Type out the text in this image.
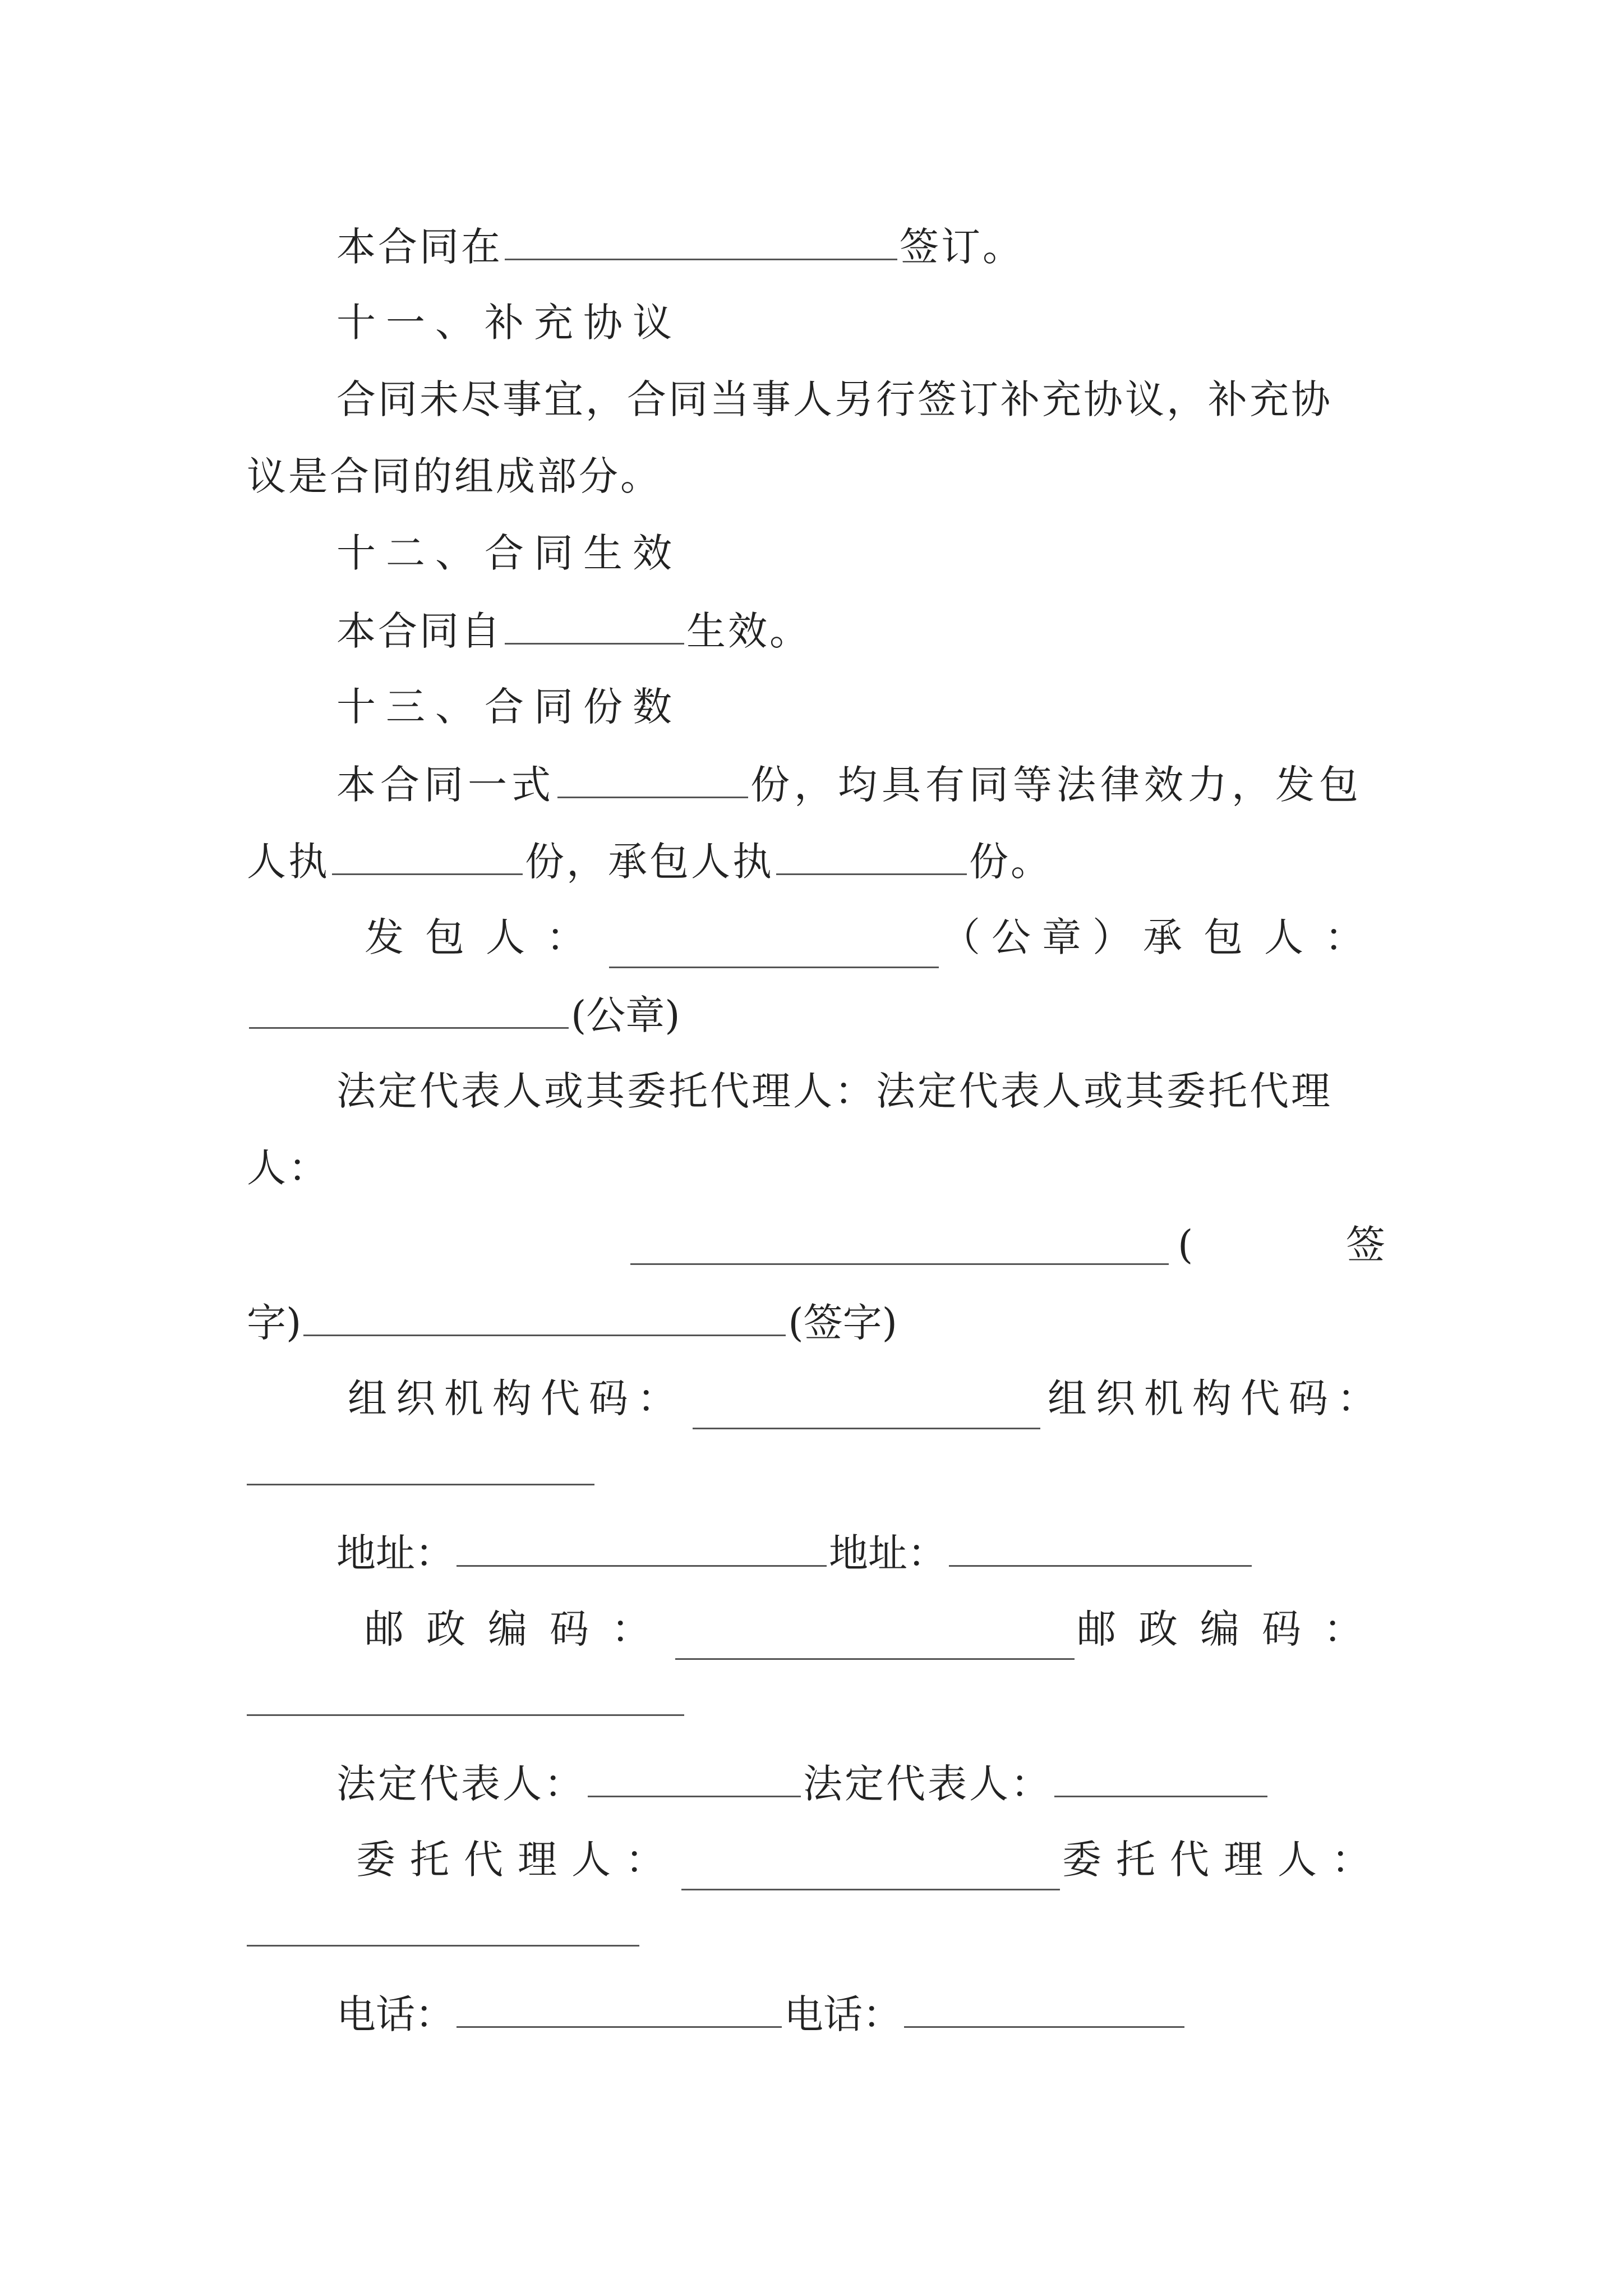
本合同在	签订。
十一、补充协议
合同未尽事宜，合同当事人另行签订补充协议，补充协
议是合同的组成部分。
十二、合同生效
本合同自	生效。
十三、合同份数
本合同一式	份，均具有同等法律效力，发包
人执	份，承包人执	份。
发包人：	（公章） 承包人：
(公章)
法定代表人或其委托代理人：法定代表人或其委托代理
人：
(	签
字)	(签字)
组织机构代码：	组织机构代码：
地址：	地址：
邮政编码：	邮政编码：
法定代表人：	法定代表人：
委托代理人：	委托代理人：
电话：	电话：
